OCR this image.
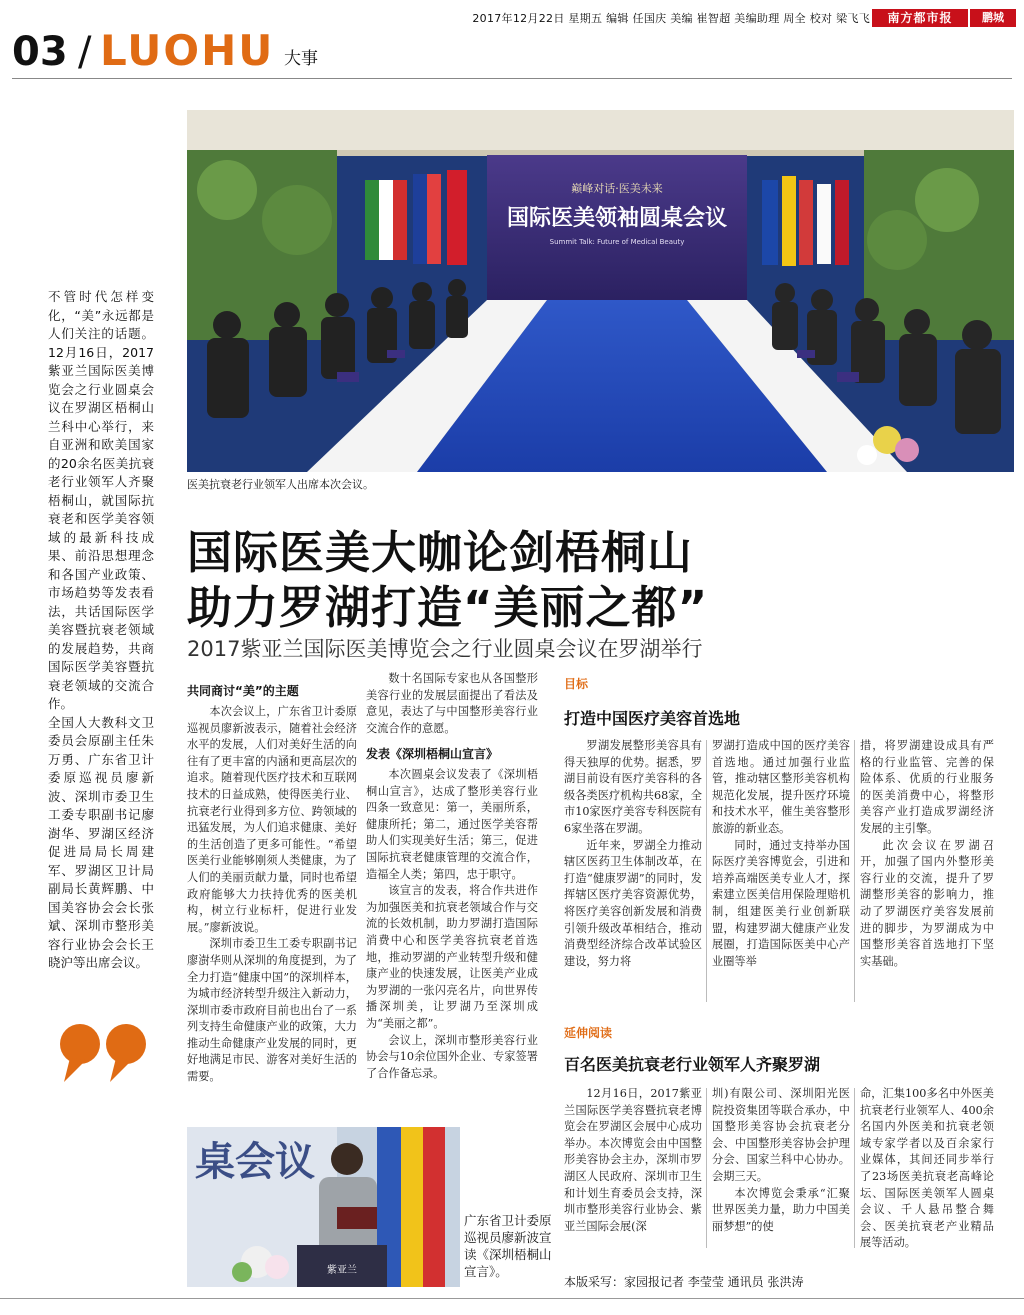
2017年12月22日 星期五 编辑 任国庆 美编 崔智超 美编助理 周全 校对 梁飞飞	南方都市报	鹏城
03 / LUOHU 大事
巅峰对话·医美未来
国际医美领袖圆桌会议
Summit Talk: Future of Medical Beauty
医美抗衰老行业领军人出席本次会议。

不管时代怎样变化，“美”永远都是人们关注的话题。12月16日，2017紫亚兰国际医美博览会之行业圆桌会议在罗湖区梧桐山兰科中心举行，来自亚洲和欧美国家的20余名医美抗衰老行业领军人齐聚梧桐山，就国际抗衰老和医学美容领域的最新科技成果、前沿思想理念和各国产业政策、市场趋势等发表看法，共话国际医学美容暨抗衰老领域的发展趋势，共商国际医学美容暨抗衰老领域的交流合作。

全国人大教科文卫委员会原副主任朱万勇、广东省卫计委原巡视员廖新波、深圳市委卫生工委专职副书记廖澍华、罗湖区经济促进局局长周建军、罗湖区卫计局副局长黄辉鹏、中国美容协会会长张斌、深圳市整形美容行业协会会长王晓沪等出席会议。

国际医美大咖论剑梧桐山
助力罗湖打造“美丽之都”
2017紫亚兰国际医美博览会之行业圆桌会议在罗湖举行
共同商讨“美”的主题

本次会议上，广东省卫计委原巡视员廖新波表示，随着社会经济水平的发展，人们对美好生活的向往有了更丰富的内涵和更高层次的追求。随着现代医疗技术和互联网技术的日益成熟，使得医美行业、抗衰老行业得到多方位、跨领域的迅猛发展，为人们追求健康、美好的生活创造了更多可能性。“希望医美行业能够刚须人类健康，为了人们的美丽贡献力量，同时也希望政府能够大力扶持优秀的医美机构，树立行业标杆，促进行业发展。”廖新波说。

深圳市委卫生工委专职副书记廖澍华则从深圳的角度提到，为了全力打造“健康中国”的深圳样本，为城市经济转型升级注入新动力，深圳市委市政府目前也出台了一系列支持生命健康产业的政策，大力推动生命健康产业发展的同时，更好地满足市民、游客对美好生活的需要。

数十名国际专家也从各国整形美容行业的发展层面提出了看法及意见，表达了与中国整形美容行业交流合作的意愿。

发表《深圳梧桐山宣言》

本次圆桌会议发表了《深圳梧桐山宣言》，达成了整形美容行业四条一致意见：第一，美丽所系，健康所托；第二，通过医学美容帮助人们实现美好生活；第三，促进国际抗衰老健康管理的交流合作，造福全人类；第四，忠于职守。

该宣言的发表，将合作共进作为加强医美和抗衰老领域合作与交流的长效机制，助力罗湖打造国际消费中心和医学美容抗衰老首选地，推动罗湖的产业转型升级和健康产业的快速发展，让医美产业成为罗湖的一张闪亮名片，向世界传播深圳美，让罗湖乃至深圳成为“美丽之都”。

会议上，深圳市整形美容行业协会与10余位国外企业、专家签署了合作备忘录。

桌会议
紫亚兰
广东省卫计委原巡视员廖新波宣读《深圳梧桐山宣言》。
目标
打造中国医疗美容首选地

罗湖发展整形美容具有得天独厚的优势。据悉，罗湖目前设有医疗美容科的各级各类医疗机构共68家，全市10家医疗美容专科医院有6家坐落在罗湖。

近年来，罗湖全力推动辖区医药卫生体制改革，在打造“健康罗湖”的同时，发挥辖区医疗美容资源优势，将医疗美容创新发展和消费引领升级改革相结合，推动消费型经济综合改革试验区建设，努力将

罗湖打造成中国的医疗美容首选地。通过加强行业监管，推动辖区整形美容机构规范化发展，提升医疗环境和技术水平，催生美容整形旅游的新业态。

同时，通过支持举办国际医疗美容博览会，引进和培养高端医美专业人才，探索建立医美信用保险理赔机制，组建医美行业创新联盟，构建罗湖大健康产业发展圈，打造国际医美中心产业圈等举

措，将罗湖建设成具有严格的行业监管、完善的保险体系、优质的行业服务的医美消费中心，将整形美容产业打造成罗湖经济发展的主引擎。

此次会议在罗湖召开，加强了国内外整形美容行业的交流，提升了罗湖整形美容的影响力，推动了罗湖医疗美容发展前进的脚步，为罗湖成为中国整形美容首选地打下坚实基础。

延伸阅读
百名医美抗衰老行业领军人齐聚罗湖

12月16日，2017紫亚兰国际医学美容暨抗衰老博览会在罗湖区会展中心成功举办。本次博览会由中国整形美容协会主办，深圳市罗湖区人民政府、深圳市卫生和计划生育委员会支持，深圳市整形美容行业协会、紫亚兰国际会展(深

圳)有限公司、深圳阳光医院投资集团等联合承办，中国整形美容协会抗衰老分会、中国整形美容协会护理分会、国家兰科中心协办。会期三天。

本次博览会秉承“汇聚世界医美力量，助力中国美丽梦想”的使

命，汇集100多名中外医美抗衰老行业领军人、400余名国内外医美和抗衰老领域专家学者以及百余家行业媒体，其间还同步举行了23场医美抗衰老高峰论坛、国际医美领军人圆桌会议、千人悬吊整合舞会、医美抗衰老产业精品展等活动。

本版采写：家园报记者 李莹莹 通讯员 张洪涛
